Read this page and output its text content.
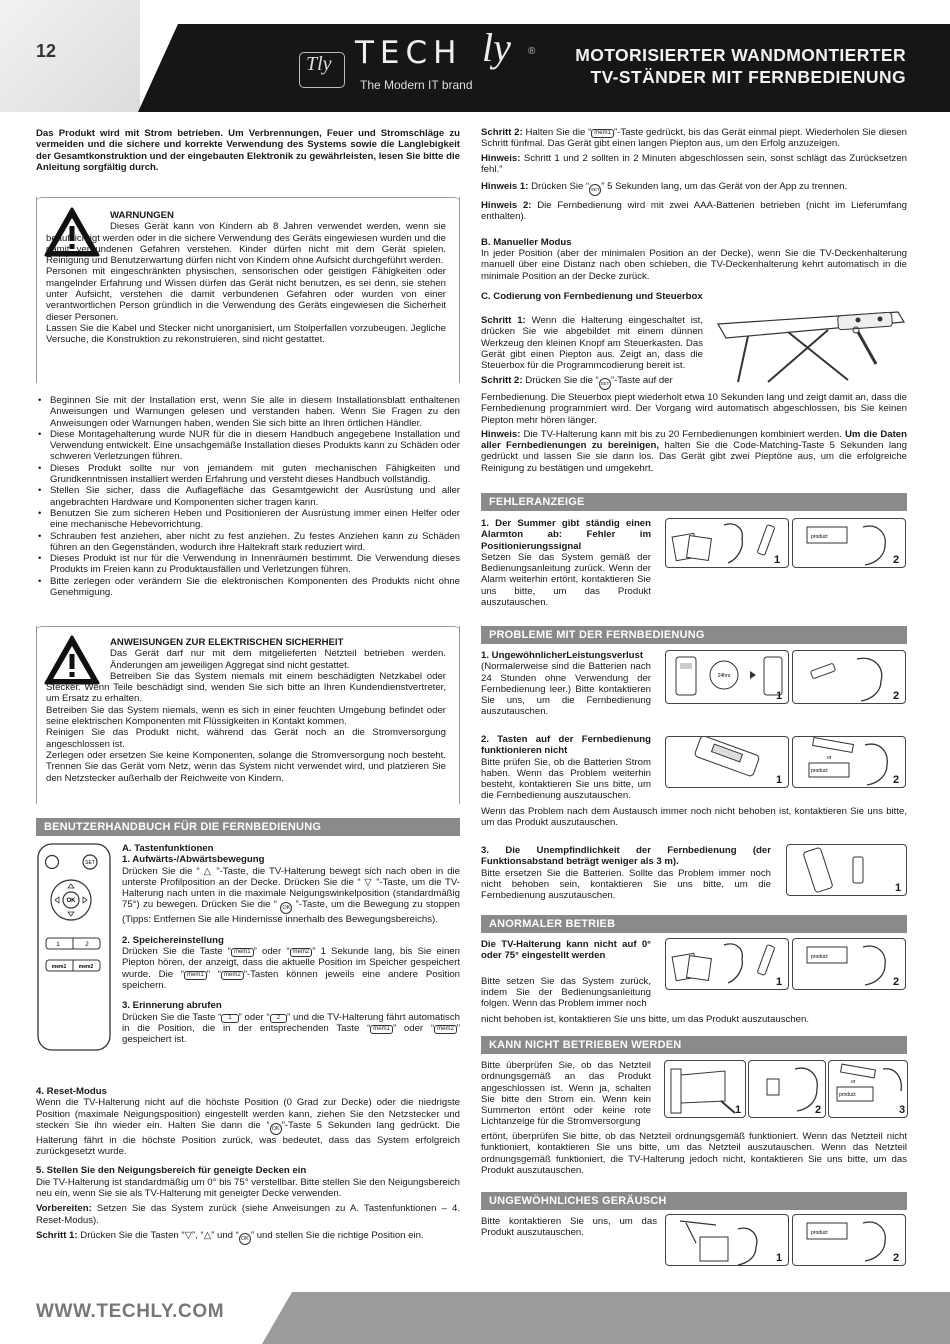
12
Tly TECH ly ®
The Modern IT brand
MOTORISIERTER WANDMONTIERTER
TV-STÄNDER MIT FERNBEDIENUNG

Das Produkt wird mit Strom betrieben. Um Verbrennungen, Feuer und Stromschläge zu vermeiden und die sichere und korrekte Verwendung des Systems sowie die Langlebigkeit der Gesamtkonstruktion und der eingebauten Elektronik zu gewährleisten, lesen Sie bitte die Anleitung sorgfältig durch.

WARNUNGEN

Dieses Gerät kann von Kindern ab 8 Jahren verwendet werden, wenn sie beaufsichtigt werden oder in die sichere Verwendung des Geräts eingewiesen wurden und die damit verbundenen Gefahren verstehen. Kinder dürfen nicht mit dem Gerät spielen. Reinigung und Benutzerwartung dürfen nicht von Kindern ohne Aufsicht durchgeführt werden.

Personen mit eingeschränkten physischen, sensorischen oder geistigen Fähigkeiten oder mangelnder Erfahrung und Wissen dürfen das Gerät nicht benutzen, es sei denn, sie stehen unter Aufsicht, verstehen die damit verbundenen Gefahren oder wurden von einer verantwortlichen Person gründlich in die Verwendung des Geräts eingewiesen die Sicherheit dieser Personen.

Lassen Sie die Kabel und Stecker nicht unorganisiert, um Stolperfallen vorzubeugen. Jegliche Versuche, die Konstruktion zu rekonstruieren, sind nicht gestattet.

• Beginnen Sie mit der Installation erst, wenn Sie alle in diesem Installationsblatt enthaltenen Anweisungen und Warnungen gelesen und verstanden haben. Wenn Sie Fragen zu den Anweisungen oder Warnungen haben, wenden Sie sich bitte an Ihren örtlichen Händler.
• Diese Montagehalterung wurde NUR für die in diesem Handbuch angegebene Installation und Verwendung entwickelt. Eine unsachgemäße Installation dieses Produkts kann zu Schäden oder schweren Verletzungen führen.
• Dieses Produkt sollte nur von jemandem mit guten mechanischen Fähigkeiten und Grundkenntnissen installiert werden Erfahrung und versteht dieses Handbuch vollständig.
• Stellen Sie sicher, dass die Auflagefläche das Gesamtgewicht der Ausrüstung und aller angebrachten Hardware und Komponenten sicher tragen kann.
• Benutzen Sie zum sicheren Heben und Positionieren der Ausrüstung immer einen Helfer oder eine mechanische Hebevorrichtung.
• Schrauben fest anziehen, aber nicht zu fest anziehen. Zu festes Anziehen kann zu Schäden führen an den Gegenständen, wodurch ihre Haltekraft stark reduziert wird.
• Dieses Produkt ist nur für die Verwendung in Innenräumen bestimmt. Die Verwendung dieses Produkts im Freien kann zu Produktausfällen und Verletzungen führen.
• Bitte zerlegen oder verändern Sie die elektronischen Komponenten des Produkts nicht ohne Genehmigung.

ANWEISUNGEN ZUR ELEKTRISCHEN SICHERHEIT

Das Gerät darf nur mit dem mitgelieferten Netzteil betrieben werden. Änderungen am jeweiligen Aggregat sind nicht gestattet.

Betreiben Sie das System niemals mit einem beschädigten Netzkabel oder Stecker. Wenn Teile beschädigt sind, wenden Sie sich bitte an Ihren Kundendienstvertreter, um Ersatz zu erhalten.

Betreiben Sie das System niemals, wenn es sich in einer feuchten Umgebung befindet oder seine elektrischen Komponenten mit Flüssigkeiten in Kontakt kommen.

Reinigen Sie das Produkt nicht, während das Gerät noch an die Stromversorgung angeschlossen ist.

Zerlegen oder ersetzen Sie keine Komponenten, solange die Stromversorgung noch besteht. Trennen Sie das Gerät vom Netz, wenn das System nicht verwendet wird, und platzieren Sie den Netzstecker außerhalb der Reichweite von Kindern.

BENUTZERHANDBUCH FÜR DIE FERNBEDIENUNG
SET
OK
1	2
mem1	mem2

A. Tastenfunktionen

1. Aufwärts-/Abwärtsbewegung

Drücken Sie die “ △ ”-Taste, die TV-Halterung bewegt sich nach oben in die unterste Profilposition an der Decke. Drücken Sie die “ ▽ ”-Taste, um die TV-Halterung nach unten in die maximale Neigungswinkelposition (standardmäßig 75°) zu bewegen. Drücken Sie die “ OK ”-Taste, um die Bewegung zu stoppen (Tipps: Entfernen Sie alle Hindernisse innerhalb des Bewegungsbereichs).

2. Speichereinstellung

Drücken Sie die Taste “ mem1 ” oder “ mem2 ” 1 Sekunde lang, bis Sie einen Piepton hören, der anzeigt, dass die aktuelle Position im Speicher gespeichert wurde. Die “ mem1 ” “ mem2 ”-Tasten können jeweils eine andere Position speichern.

3. Erinnerung abrufen

Drücken Sie die Taste “ 1 ” oder “ 2 ” und die TV-Halterung fährt automatisch in die Position, die in der entsprechenden Taste “ mem1 ” oder “ mem2 ” gespeichert ist.

4. Reset-Modus

Wenn die TV-Halterung nicht auf die höchste Position (0 Grad zur Decke) oder die niedrigste Position (maximale Neigungsposition) eingestellt werden kann, ziehen Sie den Netzstecker und stecken Sie ihn wieder ein. Halten Sie dann die “ OK ”-Taste 5 Sekunden lang gedrückt. Die Halterung fährt in die höchste Position zurück, was bedeutet, dass das System erfolgreich zurückgesetzt wurde.

5. Stellen Sie den Neigungsbereich für geneigte Decken ein

Die TV-Halterung ist standardmäßig um 0° bis 75° verstellbar. Bitte stellen Sie den Neigungsbereich neu ein, wenn Sie sie als TV-Halterung mit geneigter Decke verwenden.

Vorbereiten: Setzen Sie das System zurück (siehe Anweisungen zu A. Tastenfunktionen – 4. Reset-Modus).

Schritt 1: Drücken Sie die Tasten “▽”, “△” und “ OK ” und stellen Sie die richtige Position ein.

Schritt 2: Halten Sie die “ mem1 ”-Taste gedrückt, bis das Gerät einmal piept. Wiederholen Sie diesen Schritt fünfmal. Das Gerät gibt einen langen Piepton aus, um den Erfolg anzuzeigen.

Hinweis: Schritt 1 und 2 sollten in 2 Minuten abgeschlossen sein, sonst schlägt das Zurücksetzen fehl.”

Hinweis 1: Drücken Sie “ SET ” 5 Sekunden lang, um das Gerät von der App zu trennen.

Hinweis 2: Die Fernbedienung wird mit zwei AAA-Batterien betrieben (nicht im Lieferumfang enthalten).

B. Manueller Modus

In jeder Position (aber der minimalen Position an der Decke), wenn Sie die TV-Deckenhalterung manuell über eine Distanz nach oben schieben, die TV-Deckenhalterung kehrt automatisch in die minimale Position an der Decke zurück.

C. Codierung von Fernbedienung und Steuerbox

Schritt 1: Wenn die Halterung eingeschaltet ist, drücken Sie wie abgebildet mit einem dünnen Werkzeug den kleinen Knopf am Steuerkasten. Das Gerät gibt einen Piepton aus. Zeigt an, dass die Steuerbox für die Programmcodierung bereit ist.

Schritt 2: Drücken Sie die “ SET ”-Taste auf der

Fernbedienung. Die Steuerbox piept wiederholt etwa 10 Sekunden lang und zeigt damit an, dass die Fernbedienung programmiert wird. Der Vorgang wird automatisch abgeschlossen, bis Sie keinen Piepton mehr hören länger.

Hinweis: Die TV-Halterung kann mit bis zu 20 Fernbedienungen kombiniert werden. Um die Daten aller Fernbedienungen zu bereinigen, halten Sie die Code-Matching-Taste 5 Sekunden lang gedrückt und lassen Sie sie dann los. Das Gerät gibt zwei Pieptöne aus, um die erfolgreiche Reinigung zu bestätigen und umgekehrt.

FEHLERANZEIGE

1. Der Summer gibt ständig einen Alarmton ab: Fehler im Positionierungssignal

Setzen Sie das System gemäß der Bedienungsanleitung zurück. Wenn der Alarm weiterhin ertönt, kontaktieren Sie uns bitte, um das Produkt auszutauschen.

1
product
2
PROBLEME MIT DER FERNBEDIENUNG

1. UngewöhnlicherLeistungsverlust

(Normalerweise sind die Batterien nach 24 Stunden ohne Verwendung der Fernbedienung leer.) Bitte kontaktieren Sie uns, um die Fernbedienung auszutauschen.

24hrs
1	2

2. Tasten auf der Fernbedienung funktionieren nicht

Bitte prüfen Sie, ob die Batterien Strom haben. Wenn das Problem weiterhin besteht, kontaktieren Sie uns bitte, um die Fernbedienung auszutauschen.

1
or
product
2
Wenn das Problem nach dem Austausch immer noch nicht behoben ist, kontaktieren Sie uns bitte, um das Produkt auszutauschen.

3. Die Unempfindlichkeit der Fernbedienung (der Funktionsabstand beträgt weniger als 3 m).

Bitte ersetzen Sie die Batterien. Sollte das Problem immer noch nicht behoben sein, kontaktieren Sie uns bitte, um die Fernbedienung auszutauschen.

1
ANORMALER BETRIEB

Die TV-Halterung kann nicht auf 0° oder 75° eingestellt werden

Bitte setzen Sie das System zurück, indem Sie der Bedienungsanleitung folgen. Wenn das Problem immer noch

1
product
2
nicht behoben ist, kontaktieren Sie uns bitte, um das Produkt auszutauschen.
KANN NICHT BETRIEBEN WERDEN
Bitte überprüfen Sie, ob das Netzteil ordnungsgemäß an das Produkt angeschlossen ist. Wenn ja, schalten Sie bitte den Strom ein. Wenn kein Summerton ertönt oder keine rote Lichtanzeige für die Stromversorgung
1	2
or
product
3
ertönt, überprüfen Sie bitte, ob das Netzteil ordnungsgemäß funktioniert. Wenn das Netzteil nicht funktioniert, kontaktieren Sie uns bitte, um das Netzteil auszutauschen. Wenn das Netzteil ordnungsgemäß funktioniert, die TV-Halterung jedoch nicht, kontaktieren Sie uns bitte, um das Produkt auszutauschen.
UNGEWÖHNLICHES GERÄUSCH
Bitte kontaktieren Sie uns, um das Produkt auszutauschen.
1
product
2
WWW.TECHLY.COM
